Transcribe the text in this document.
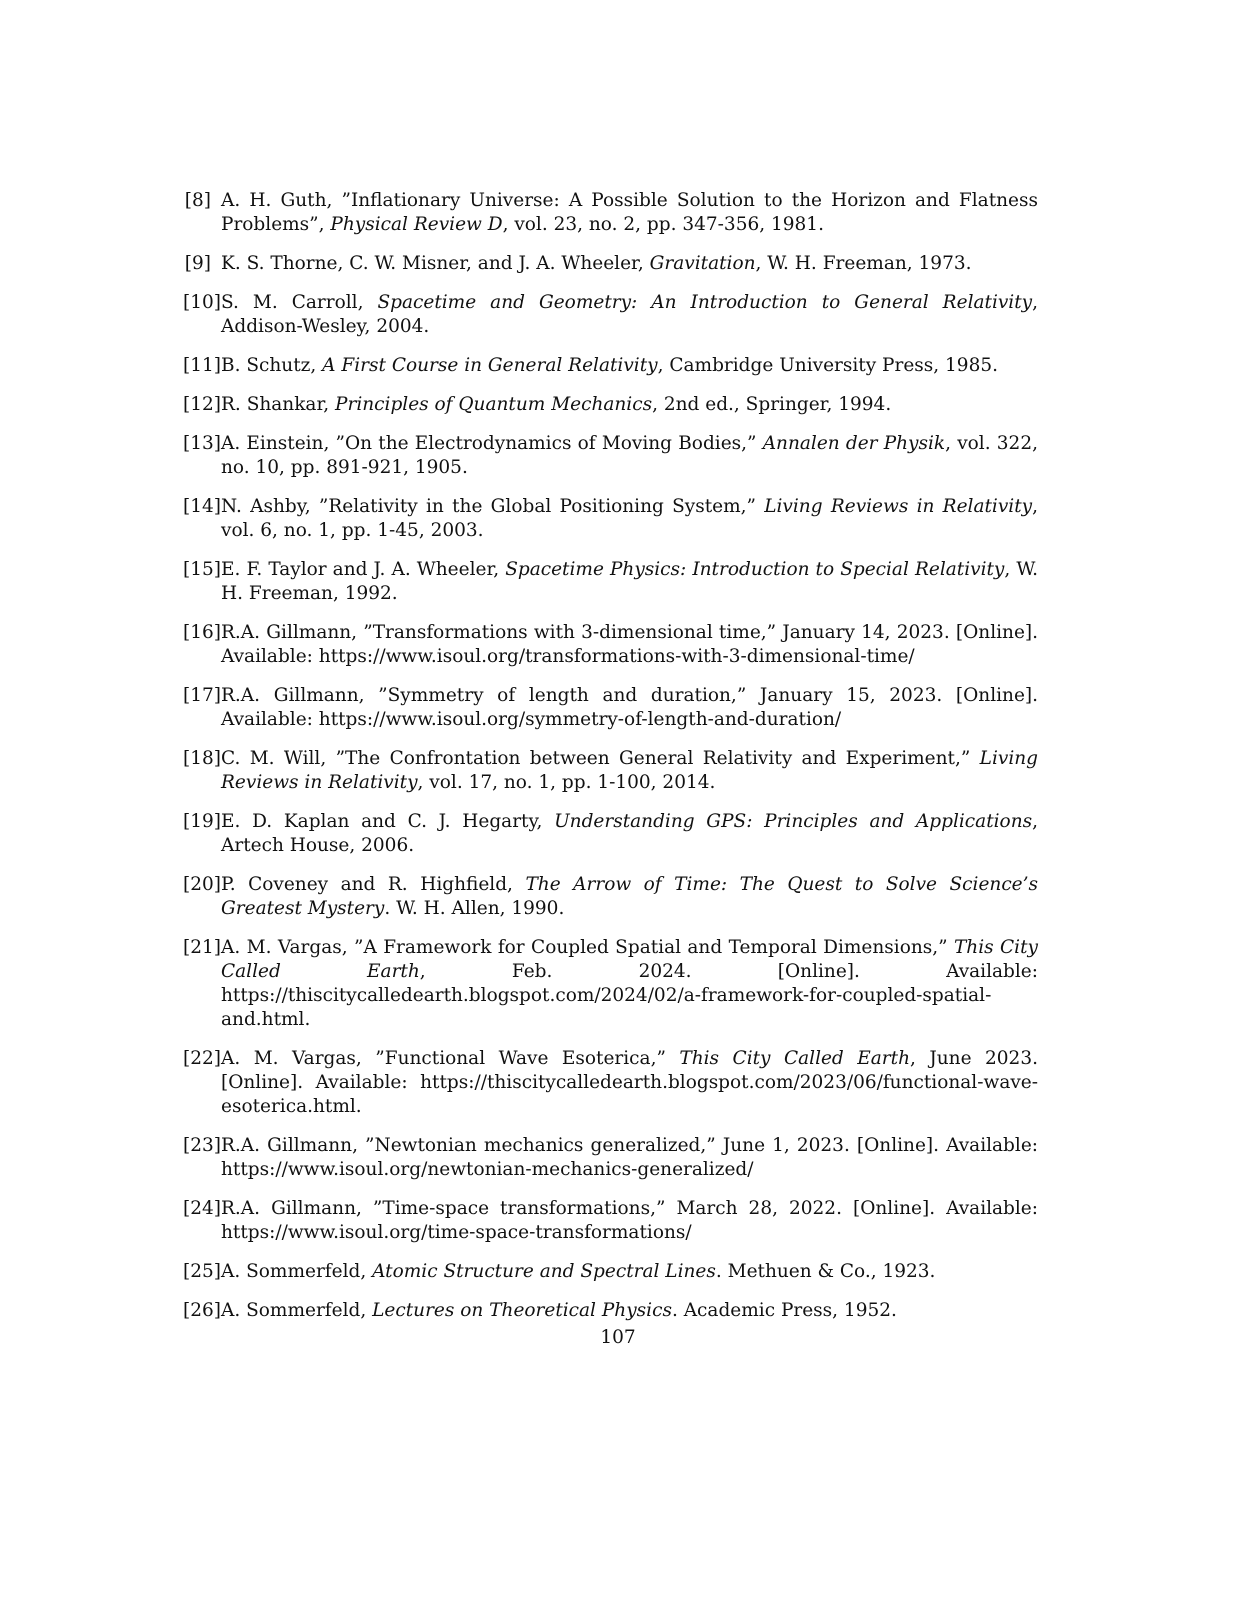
[8] A. H. Guth, ”Inflationary Universe: A Possible Solution to the Horizon and Flatness Problems”, Physical Review D, vol. 23, no. 2, pp. 347-356, 1981.
[9] K. S. Thorne, C. W. Misner, and J. A. Wheeler, Gravitation, W. H. Freeman, 1973.
[10] S. M. Carroll, Spacetime and Geometry: An Introduction to General Relativity, Addison-Wesley, 2004.
[11] B. Schutz, A First Course in General Relativity, Cambridge University Press, 1985.
[12] R. Shankar, Principles of Quantum Mechanics, 2nd ed., Springer, 1994.
[13] A. Einstein, ”On the Electrodynamics of Moving Bodies,” Annalen der Physik, vol. 322, no. 10, pp. 891-921, 1905.
[14] N. Ashby, ”Relativity in the Global Positioning System,” Living Reviews in Relativity, vol. 6, no. 1, pp. 1-45, 2003.
[15] E. F. Taylor and J. A. Wheeler, Spacetime Physics: Introduction to Special Relativity, W. H. Freeman, 1992.
[16] R.A. Gillmann, ”Transformations with 3-dimensional time,” January 14, 2023. [Online]. Available: https://www.isoul.org/transformations-with-3-dimensional-time/
[17] R.A. Gillmann, ”Symmetry of length and duration,” January 15, 2023. [Online]. Available: https://www.isoul.org/symmetry-of-length-and-duration/
[18] C. M. Will, ”The Confrontation between General Relativity and Experiment,” Living Reviews in Relativity, vol. 17, no. 1, pp. 1-100, 2014.
[19] E. D. Kaplan and C. J. Hegarty, Understanding GPS: Principles and Applications, Artech House, 2006.
[20] P. Coveney and R. Highfield, The Arrow of Time: The Quest to Solve Science’s Greatest Mystery. W. H. Allen, 1990.
[21] A. M. Vargas, ”A Framework for Coupled Spatial and Temporal Dimensions,” This City Called Earth, Feb. 2024. [Online]. Available: https://thiscitycalledearth.blogspot.com/2024/02/a-framework-for-coupled-spatial-and.html.
[22] A. M. Vargas, ”Functional Wave Esoterica,” This City Called Earth, June 2023. [Online]. Available: https://thiscitycalledearth.blogspot.com/2023/06/functional-wave-esoterica.html.
[23] R.A. Gillmann, ”Newtonian mechanics generalized,” June 1, 2023. [Online]. Available: https://www.isoul.org/newtonian-mechanics-generalized/
[24] R.A. Gillmann, ”Time-space transformations,” March 28, 2022. [Online]. Available: https://www.isoul.org/time-space-transformations/
[25] A. Sommerfeld, Atomic Structure and Spectral Lines. Methuen & Co., 1923.
[26] A. Sommerfeld, Lectures on Theoretical Physics. Academic Press, 1952.
107
